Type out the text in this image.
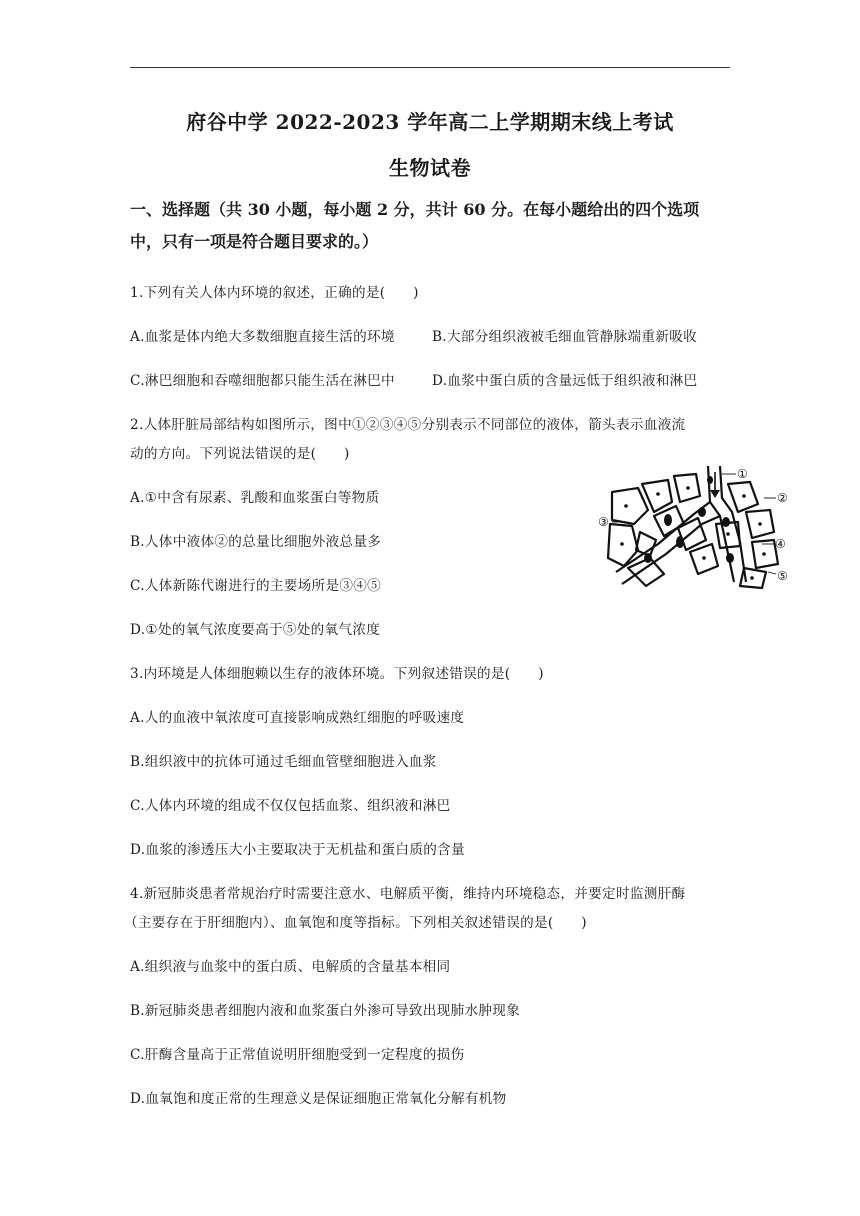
府谷中学 2022-2023 学年高二上学期期末线上考试
生物试卷
一、选择题（共 30 小题，每小题 2 分，共计 60 分。在每小题给出的四个选项
中，只有一项是符合题目要求的。）
1.下列有关人体内环境的叙述，正确的是(　　)
A.血浆是体内绝大多数细胞直接生活的环境	B.大部分组织液被毛细血管静脉端重新吸收
C.淋巴细胞和吞噬细胞都只能生活在淋巴中	D.血浆中蛋白质的含量远低于组织液和淋巴
2.人体肝脏局部结构如图所示，图中①②③④⑤分别表示不同部位的液体，箭头表示血液流
动的方向。下列说法错误的是(　　)
A.①中含有尿素、乳酸和血浆蛋白等物质
B.人体中液体②的总量比细胞外液总量多
C.人体新陈代谢进行的主要场所是③④⑤
D.①处的氧气浓度要高于⑤处的氧气浓度
①
②
③
④
⑤
3.内环境是人体细胞赖以生存的液体环境。下列叙述错误的是(　　)
A.人的血液中氧浓度可直接影响成熟红细胞的呼吸速度
B.组织液中的抗体可通过毛细血管壁细胞进入血浆
C.人体内环境的组成不仅仅包括血浆、组织液和淋巴
D.血浆的渗透压大小主要取决于无机盐和蛋白质的含量
4.新冠肺炎患者常规治疗时需要注意水、电解质平衡，维持内环境稳态，并要定时监测肝酶
（主要存在于肝细胞内）、血氧饱和度等指标。下列相关叙述错误的是(　　)
A.组织液与血浆中的蛋白质、电解质的含量基本相同
B.新冠肺炎患者细胞内液和血浆蛋白外渗可导致出现肺水肿现象
C.肝酶含量高于正常值说明肝细胞受到一定程度的损伤
D.血氧饱和度正常的生理意义是保证细胞正常氧化分解有机物
